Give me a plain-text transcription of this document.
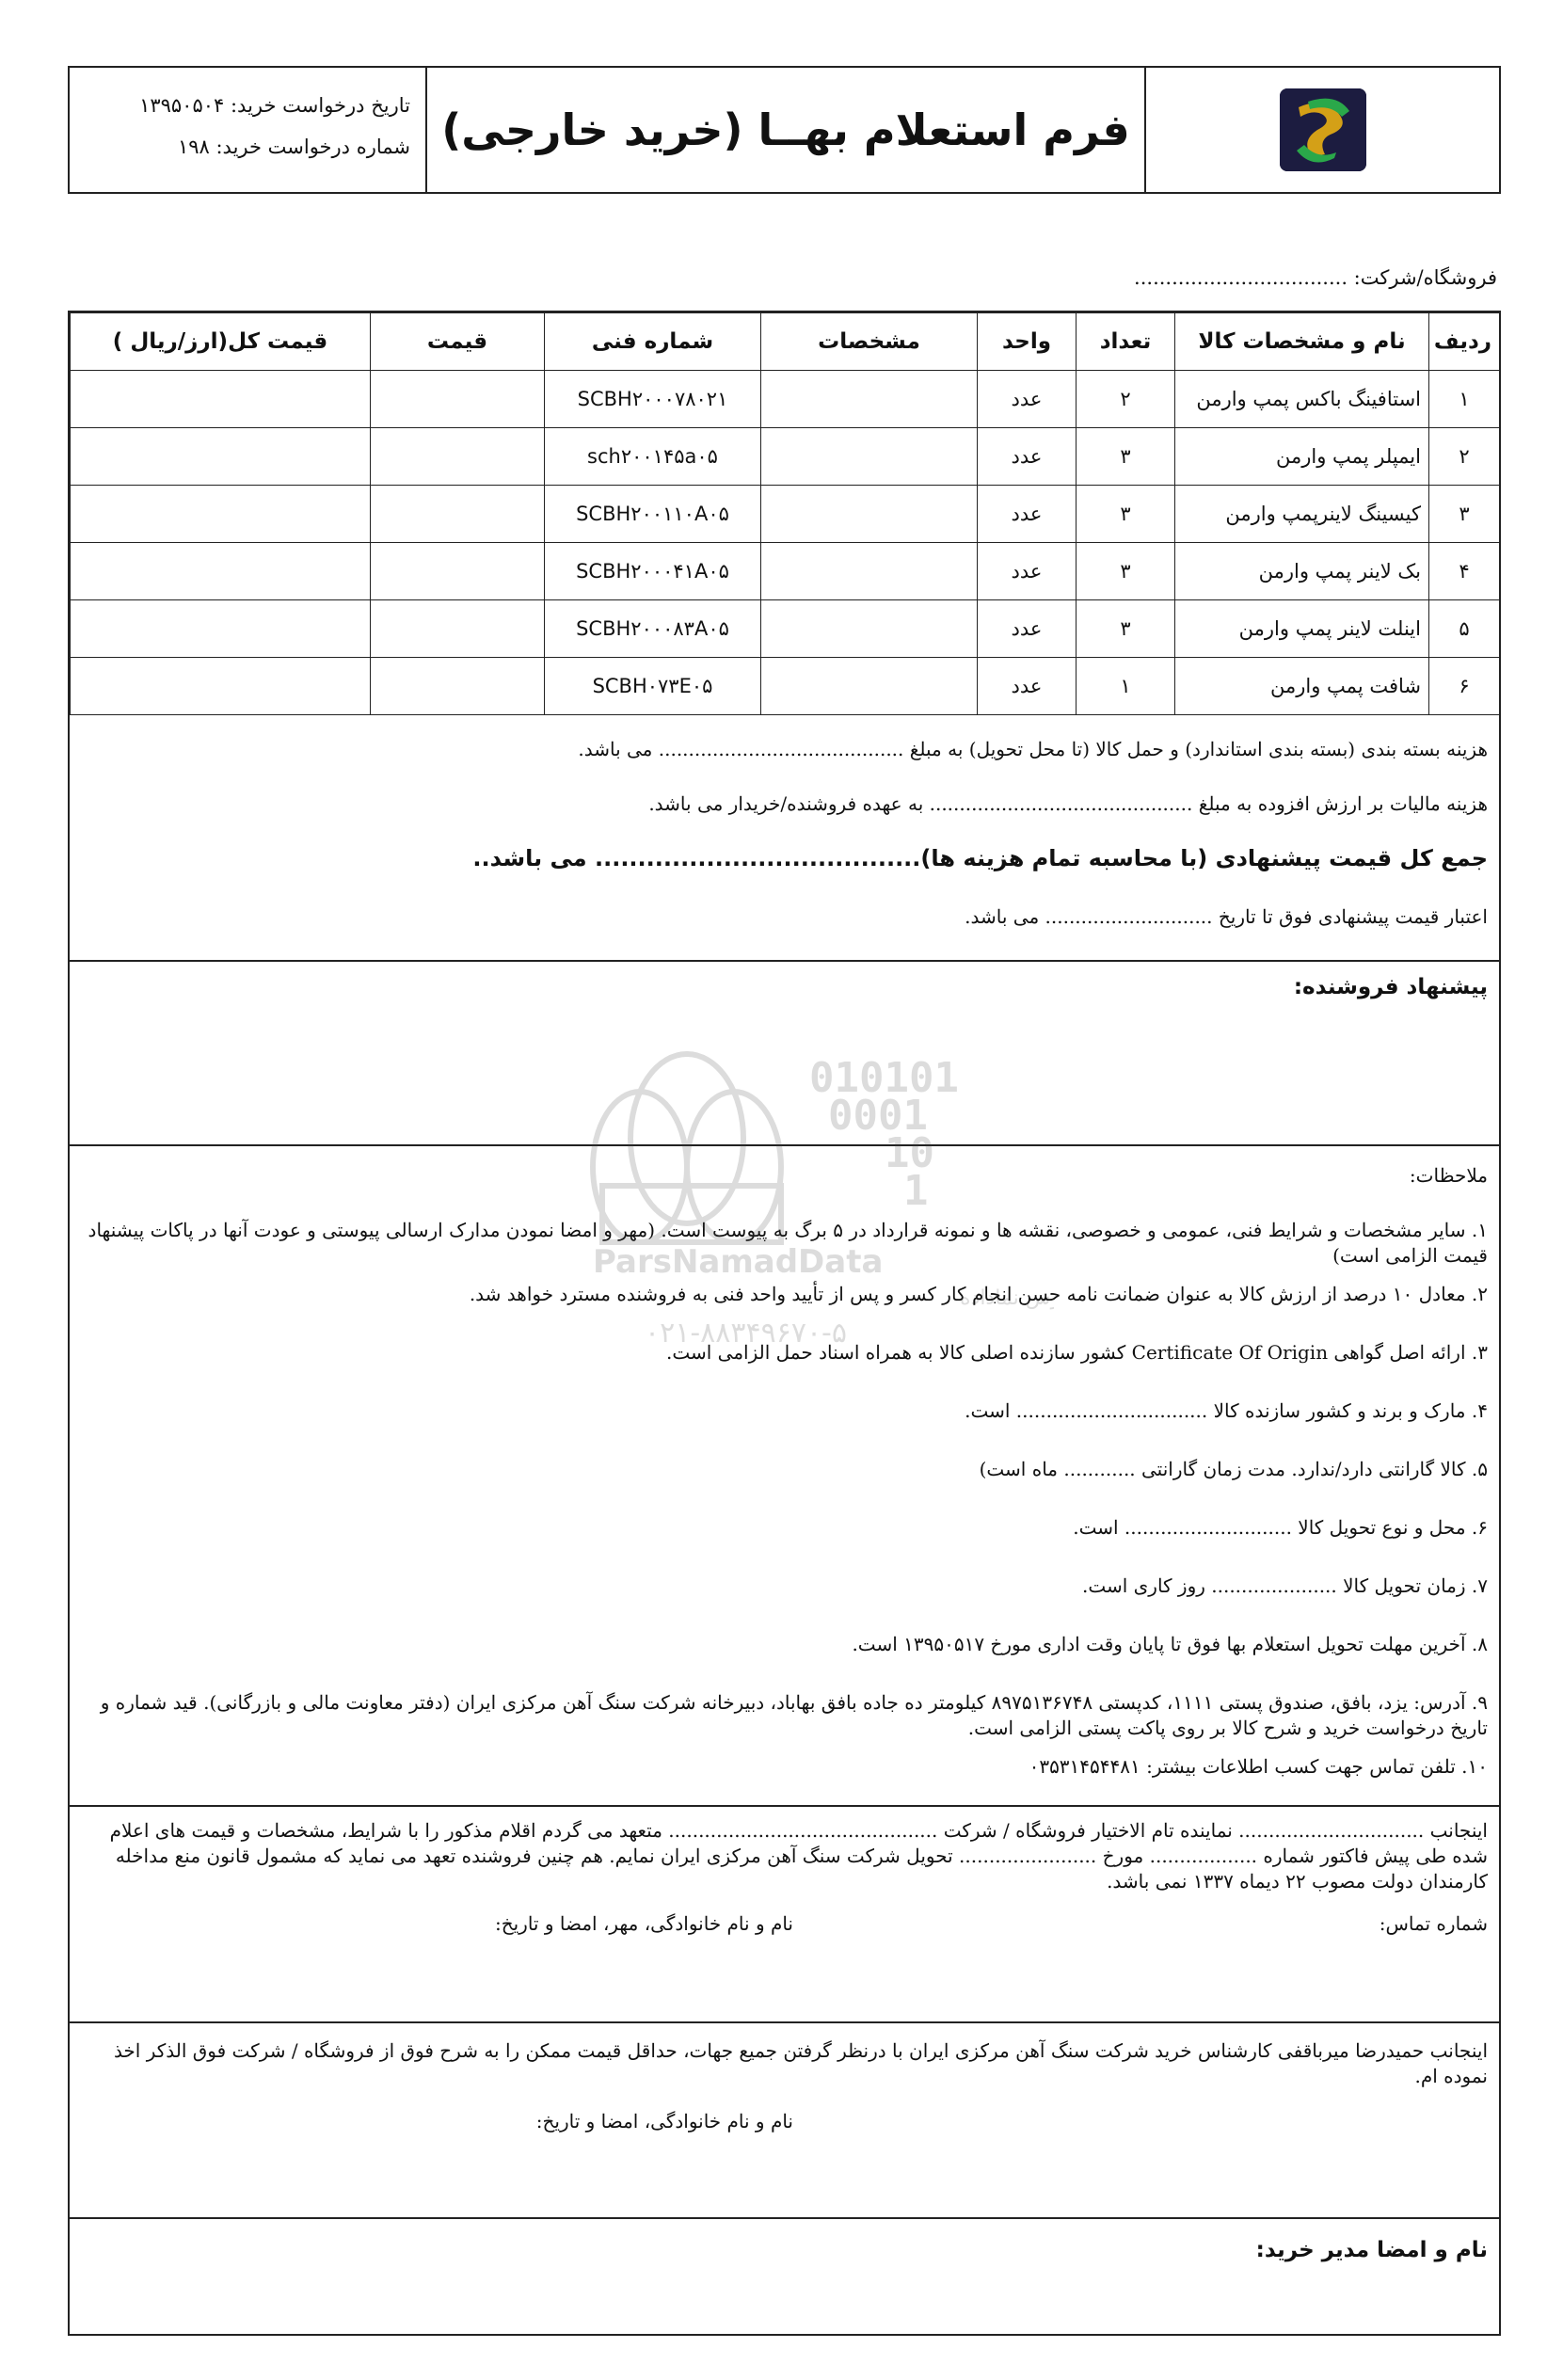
فرم استعلام بهــا (خرید خارجی)
تاریخ درخواست خرید: ۱۳۹۵۰۵۰۴
شماره درخواست خرید: ۱۹۸
فروشگاه/شرکت: ..................................
ردیف	نام و مشخصات کالا	تعداد	واحد	مشخصات	شماره فنی	قیمت	قیمت کل(ارز/ریال )
۱	استافینگ باکس پمپ وارمن	۲	عدد		SCBH۲۰۰۰۷۸۰۲۱		
۲	ایمپلر پمپ وارمن	۳	عدد		sch۲۰۰۱۴۵a۰۵		
۳	کیسینگ لاینرپمپ وارمن	۳	عدد		SCBH۲۰۰۱۱۰A۰۵		
۴	بک لاینر پمپ وارمن	۳	عدد		SCBH۲۰۰۰۴۱A۰۵		
۵	اینلت لاینر پمپ وارمن	۳	عدد		SCBH۲۰۰۰۸۳A۰۵		
۶	شافت پمپ وارمن	۱	عدد		SCBH۰۷۳E۰۵		
هزینه بسته بندی (بسته بندی استاندارد) و حمل کالا (تا محل تحویل) به مبلغ ......................................... می باشد.
هزینه مالیات بر ارزش افزوده به مبلغ ............................................ به عهده فروشنده/خریدار می باشد.
جمع کل قیمت پیشنهادی (با محاسبه تمام هزینه ها)...................................... می باشد..
اعتبار قیمت پیشنهادی فوق تا تاریخ ............................ می باشد.
پیشنهاد فروشنده:
ملاحظات:
۱. سایر مشخصات و شرایط فنی، عمومی و خصوصی، نقشه ها و نمونه قرارداد در ۵ برگ به پیوست است. (مهر و امضا نمودن مدارک ارسالی پیوستی و عودت آنها در پاکات پیشنهاد قیمت الزامی است)
۲. معادل ۱۰ درصد از ارزش کالا به عنوان ضمانت نامه حسن انجام کار کسر و پس از تأیید واحد فنی به فروشنده مسترد خواهد شد.
۳. ارائه اصل گواهی Certificate Of Origin کشور سازنده اصلی کالا به همراه اسناد حمل الزامی است.
۴. مارک و برند و کشور سازنده کالا ................................ است.
۵. کالا گارانتی دارد/ندارد. مدت زمان گارانتی ............ ماه است)
۶. محل و نوع تحویل کالا ............................ است.
۷. زمان تحویل کالا ..................... روز کاری است.
۸. آخرین مهلت تحویل استعلام بها فوق تا پایان وقت اداری مورخ ۱۳۹۵۰۵۱۷ است.
۹. آدرس: یزد، بافق، صندوق پستی ۱۱۱۱، کدپستی ۸۹۷۵۱۳۶۷۴۸ کیلومتر ده جاده بافق بهاباد، دبیرخانه شرکت سنگ آهن مرکزی ایران (دفتر معاونت مالی و بازرگانی). قید شماره و تاریخ درخواست خرید و شرح کالا بر روی پاکت پستی الزامی است.
۱۰. تلفن تماس جهت کسب اطلاعات بیشتر: ۰۳۵۳۱۴۵۴۴۸۱
اینجانب ............................... نماینده تام الاختیار فروشگاه / شرکت ............................................. متعهد می گردم اقلام مذکور را با شرایط، مشخصات و قیمت های اعلام شده طی پیش فاکتور شماره .................. مورخ ....................... تحویل شرکت سنگ آهن مرکزی ایران نمایم. هم چنین فروشنده تعهد می نماید که مشمول قانون منع مداخله کارمندان دولت مصوب ۲۲ دیماه ۱۳۳۷ نمی باشد.
شماره تماس:
نام و نام خانوادگی، مهر، امضا و تاریخ:
اینجانب حمیدرضا میرباقفی کارشناس خرید شرکت سنگ آهن مرکزی ایران با درنظر گرفتن جمیع جهات، حداقل قیمت ممکن را به شرح فوق از فروشگاه / شرکت فوق الذکر اخذ نموده ام.
نام و نام خانوادگی، امضا و تاریخ:
نام و امضا مدیر خرید:
010101
0001
10
1
ParsNamadData
س نماداده
۰۲۱-۸۸۳۴۹۶۷۰-۵
